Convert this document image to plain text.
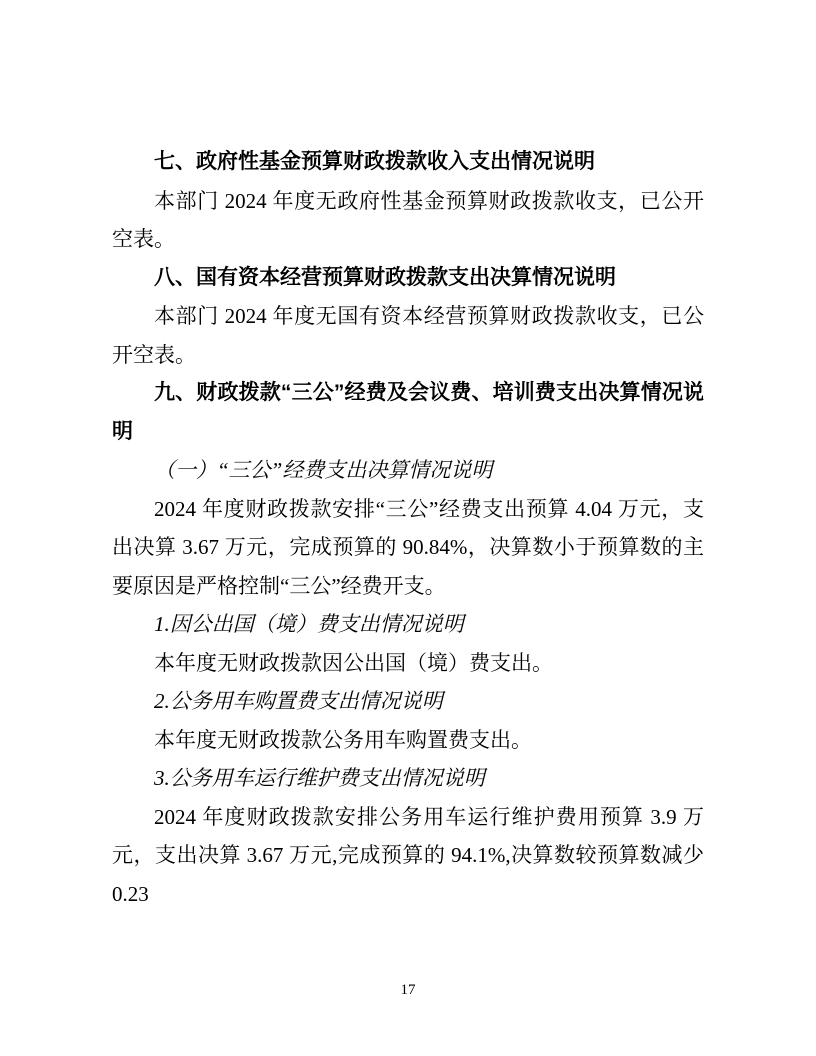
七、政府性基金预算财政拨款收入支出情况说明

本部门 2024 年度无政府性基金预算财政拨款收支，已公开空表。

八、国有资本经营预算财政拨款支出决算情况说明

本部门 2024 年度无国有资本经营预算财政拨款收支，已公开空表。

九、财政拨款“三公”经费及会议费、培训费支出决算情况说明

（一）“三公”经费支出决算情况说明

2024 年度财政拨款安排“三公”经费支出预算 4.04 万元，支出决算 3.67 万元，完成预算的 90.84%，决算数小于预算数的主要原因是严格控制“三公”经费开支。

1.因公出国（境）费支出情况说明

本年度无财政拨款因公出国（境）费支出。

2.公务用车购置费支出情况说明

本年度无财政拨款公务用车购置费支出。

3.公务用车运行维护费支出情况说明

2024 年度财政拨款安排公务用车运行维护费用预算 3.9 万元，支出决算 3.67 万元,完成预算的 94.1%,决算数较预算数减少 0.23

17
